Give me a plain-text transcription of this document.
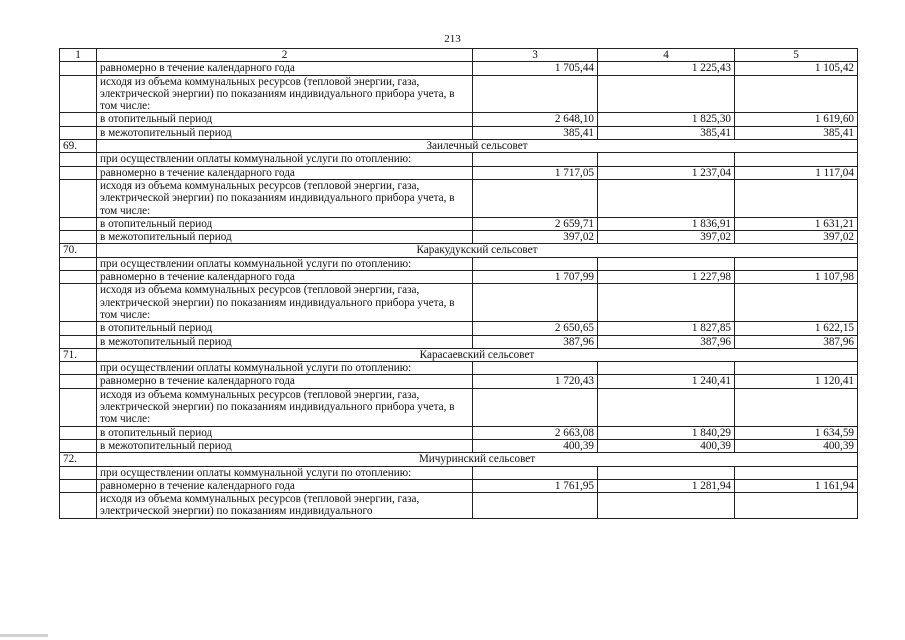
213
1	2	3	4	5
	равномерно в течение календарного года	1 705,44	1 225,43	1 105,42
	исходя из объема коммунальных ресурсов (тепловой энергии, газа, электрической энергии) по показаниям индивидуального прибора учета, в том числе:			
	в отопительный период	2 648,10	1 825,30	1 619,60
	в межотопительный период	385,41	385,41	385,41
69.	Заилечный сельсовет			
	при осуществлении оплаты коммунальной услуги по отоплению:			
	равномерно в течение календарного года	1 717,05	1 237,04	1 117,04
	исходя из объема коммунальных ресурсов (тепловой энергии, газа, электрической энергии) по показаниям индивидуального прибора учета, в том числе:			
	в отопительный период	2 659,71	1 836,91	1 631,21
	в межотопительный период	397,02	397,02	397,02
70.	Каракудукский сельсовет			
	при осуществлении оплаты коммунальной услуги по отоплению:			
	равномерно в течение календарного года	1 707,99	1 227,98	1 107,98
	исходя из объема коммунальных ресурсов (тепловой энергии, газа, электрической энергии) по показаниям индивидуального прибора учета, в том числе:			
	в отопительный период	2 650,65	1 827,85	1 622,15
	в межотопительный период	387,96	387,96	387,96
71.	Карасаевский сельсовет			
	при осуществлении оплаты коммунальной услуги по отоплению:			
	равномерно в течение календарного года	1 720,43	1 240,41	1 120,41
	исходя из объема коммунальных ресурсов (тепловой энергии, газа, электрической энергии) по показаниям индивидуального прибора учета, в том числе:			
	в отопительный период	2 663,08	1 840,29	1 634,59
	в межотопительный период	400,39	400,39	400,39
72.	Мичуринский сельсовет			
	при осуществлении оплаты коммунальной услуги по отоплению:			
	равномерно в течение календарного года	1 761,95	1 281,94	1 161,94
	исходя из объема коммунальных ресурсов (тепловой энергии, газа, электрической энергии) по показаниям индивидуального			
